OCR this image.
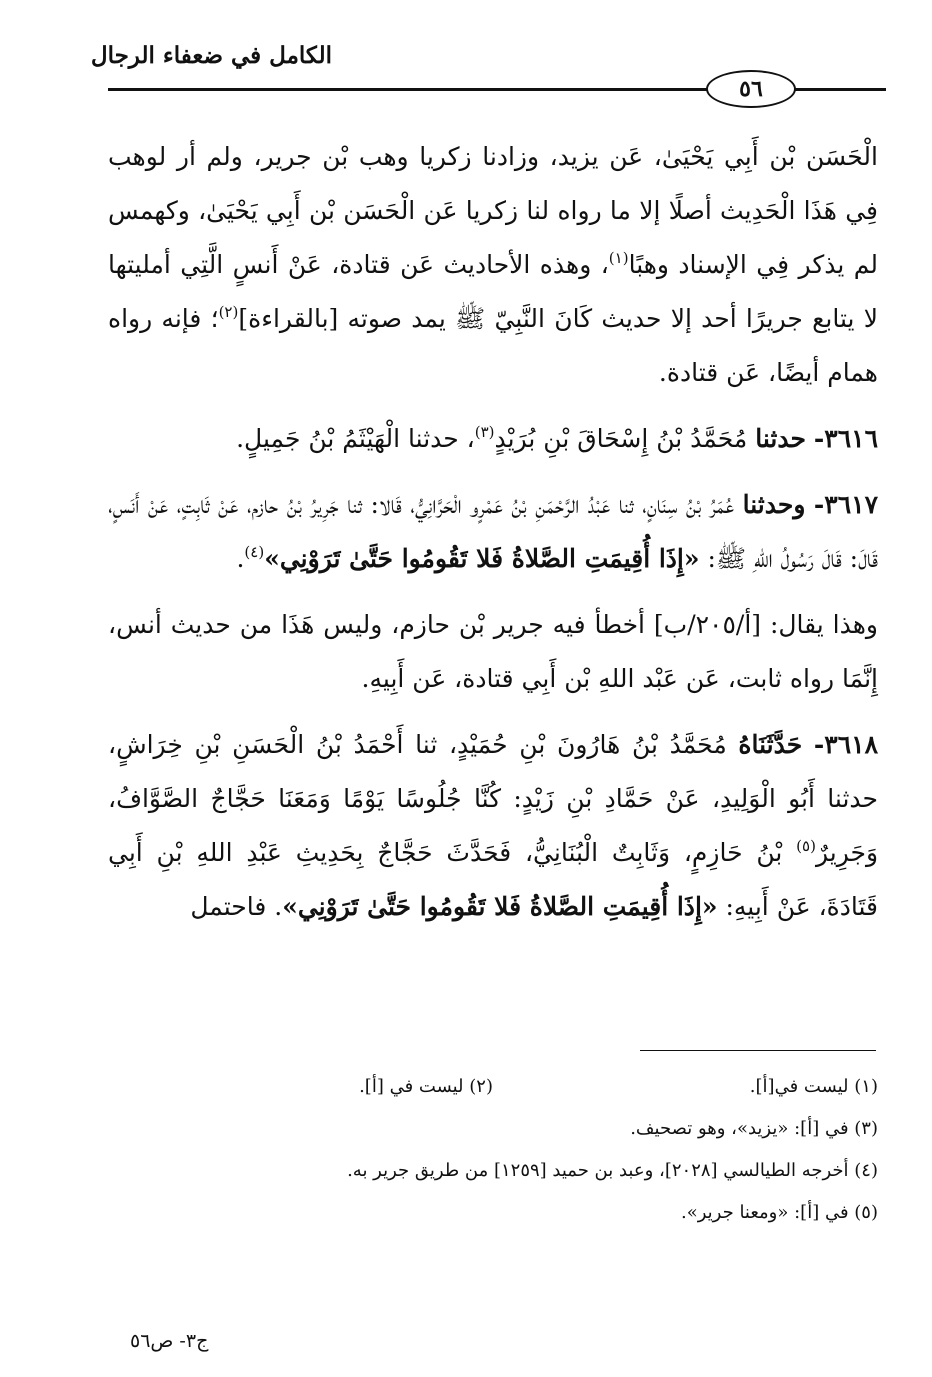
الكامل في ضعفاء الرجال
٥٦

الْحَسَن بْن أَبِي يَحْيَىٰ، عَن يزيد، وزادنا زكريا وهب بْن جرير، ولم أر لوهب فِي هَذَا الْحَدِيث أصلًا إلا ما رواه لنا زكريا عَن الْحَسَن بْن أَبِي يَحْيَىٰ، وكهمس لم يذكر فِي الإسناد وهبًا$^{(١)}$، وهذه الأحاديث عَن قتادة، عَنْ أَنسٍ الَّتِي أمليتها لا يتابع جريرًا أحد إلا حديث كَانَ النَّبِيّ ﷺ يمد صوته [بالقراءة]$^{(٢)}$؛ فإنه رواه همام أيضًا، عَن قتادة.

٣٦١٦- حدثنا مُحَمَّدُ بْنُ إِسْحَاقَ بْنِ بُرَيْدٍ$^{(٣)}$، حدثنا الْهَيْثَمُ بْنُ جَمِيلٍ.

٣٦١٧- وحدثنا عُمَرُ بْنُ سِنَانٍ، ثنا عَبْدُ الرَّحْمَنِ بْنُ عَمْرٍو الْحَرَّانِيُّ، قَالا: ثنا جَرِيرُ بْنُ حازم، عَنْ ثَابِتٍ، عَنْ أَنَسٍ، قَالَ: قَالَ رَسُولُ اللهِ ﷺ: «إِذَا أُقِيمَتِ الصَّلاةُ فَلا تَقُومُوا حَتَّىٰ تَرَوْنِي»$^{(٤)}$.

وهذا يقال: [أ/٢٠٥/ب] أخطأ فيه جرير بْن حازم، وليس هَذَا من حديث أنس، إِنَّمَا رواه ثابت، عَن عَبْد اللهِ بْن أَبِي قتادة، عَن أَبِيهِ.

٣٦١٨- حَدَّثَنَاهُ مُحَمَّدُ بْنُ هَارُونَ بْنِ حُمَيْدٍ، ثنا أَحْمَدُ بْنُ الْحَسَنِ بْنِ خِرَاشٍ، حدثنا أَبُو الْوَلِيدِ، عَنْ حَمَّادِ بْنِ زَيْدٍ: كُنَّا جُلُوسًا يَوْمًا وَمَعَنَا حَجَّاجٌ الصَّوَّافُ، وَجَرِيرٌ$^{(٥)}$ بْنُ حَازِمٍ، وَثَابِتٌ الْبُنَانِيُّ، فَحَدَّثَ حَجَّاجٌ بِحَدِيثِ عَبْدِ اللهِ بْنِ أَبِي قَتَادَةَ، عَنْ أَبِيهِ: «إِذَا أُقِيمَتِ الصَّلاةُ فَلا تَقُومُوا حَتَّىٰ تَرَوْنِي». فاحتمل

(١) ليست في[أ].
(٢) ليست في [أ].
(٣) في [أ]: «يزيد»، وهو تصحيف.
(٤) أخرجه الطيالسي [٢٠٢٨]، وعبد بن حميد [١٢٥٩] من طريق جرير به.
(٥) في [أ]: «ومعنا جرير».
ج٣- ص٥٦
